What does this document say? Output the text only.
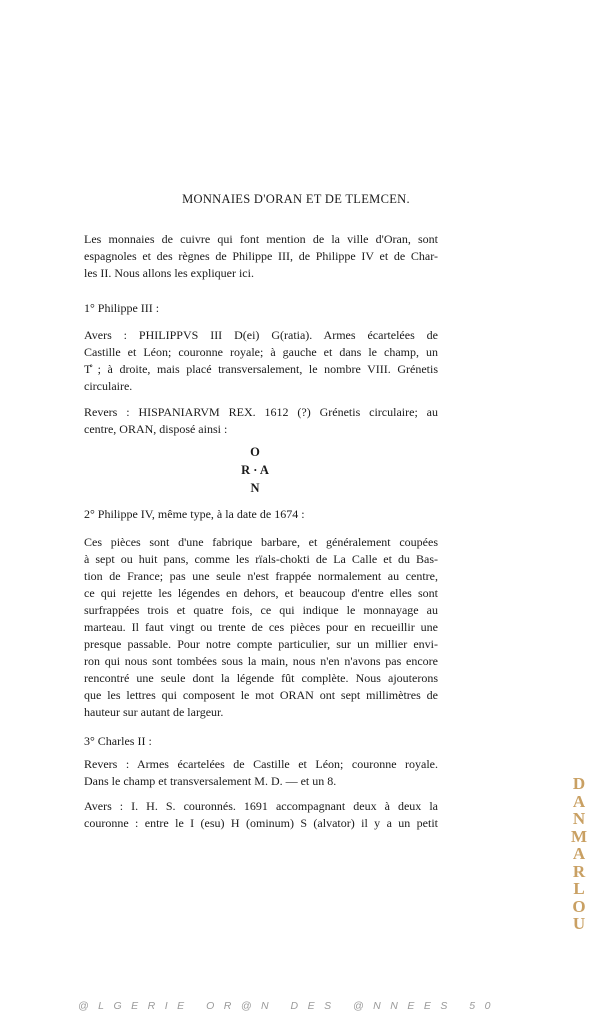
MONNAIES D'ORAN ET DE TLEMCEN.
Les monnaies de cuivre qui font mention de la ville d'Oran, sont
espagnoles et des règnes de Philippe III, de Philippe IV et de Char-
les II. Nous allons les expliquer ici.
1° Philippe III :
Avers : PHILIPPVS III D(ei) G(ratia). Armes écartelées de
Castille et Léon; couronne royale; à gauche et dans le champ, un
T̊ ; à droite, mais placé transversalement, le nombre VIII. Grénetis
circulaire.
Revers : HISPANIARVM REX. 1612 (?) Grénetis circulaire; au
centre, ORAN, disposé ainsi :
O
R · A
N
2° Philippe IV, même type, à la date de 1674 :
Ces pièces sont d'une fabrique barbare, et généralement coupées
à sept ou huit pans, comme les rïals-chokti de La Calle et du Bas-
tion de France; pas une seule n'est frappée normalement au centre,
ce qui rejette les légendes en dehors, et beaucoup d'entre elles sont
surfrappées trois et quatre fois, ce qui indique le monnayage au
marteau. Il faut vingt ou trente de ces pièces pour en recueillir une
presque passable. Pour notre compte particulier, sur un millier envi-
ron qui nous sont tombées sous la main, nous n'en n'avons pas encore
rencontré une seule dont la légende fût complète. Nous ajouterons
que les lettres qui composent le mot ORAN ont sept millimètres de
hauteur sur autant de largeur.
3° Charles II :
Revers : Armes écartelées de Castille et Léon; couronne royale.
Dans le champ et transversalement M. D. — et un 8.
Avers : I. H. S. couronnés. 1691 accompagnant deux à deux la
couronne : entre le I (esu) H (ominum) S (alvator) il y a un petit
D
A
N
M
A
R
L
O
U
@LGERIE OR@N DES @NNEES 50
